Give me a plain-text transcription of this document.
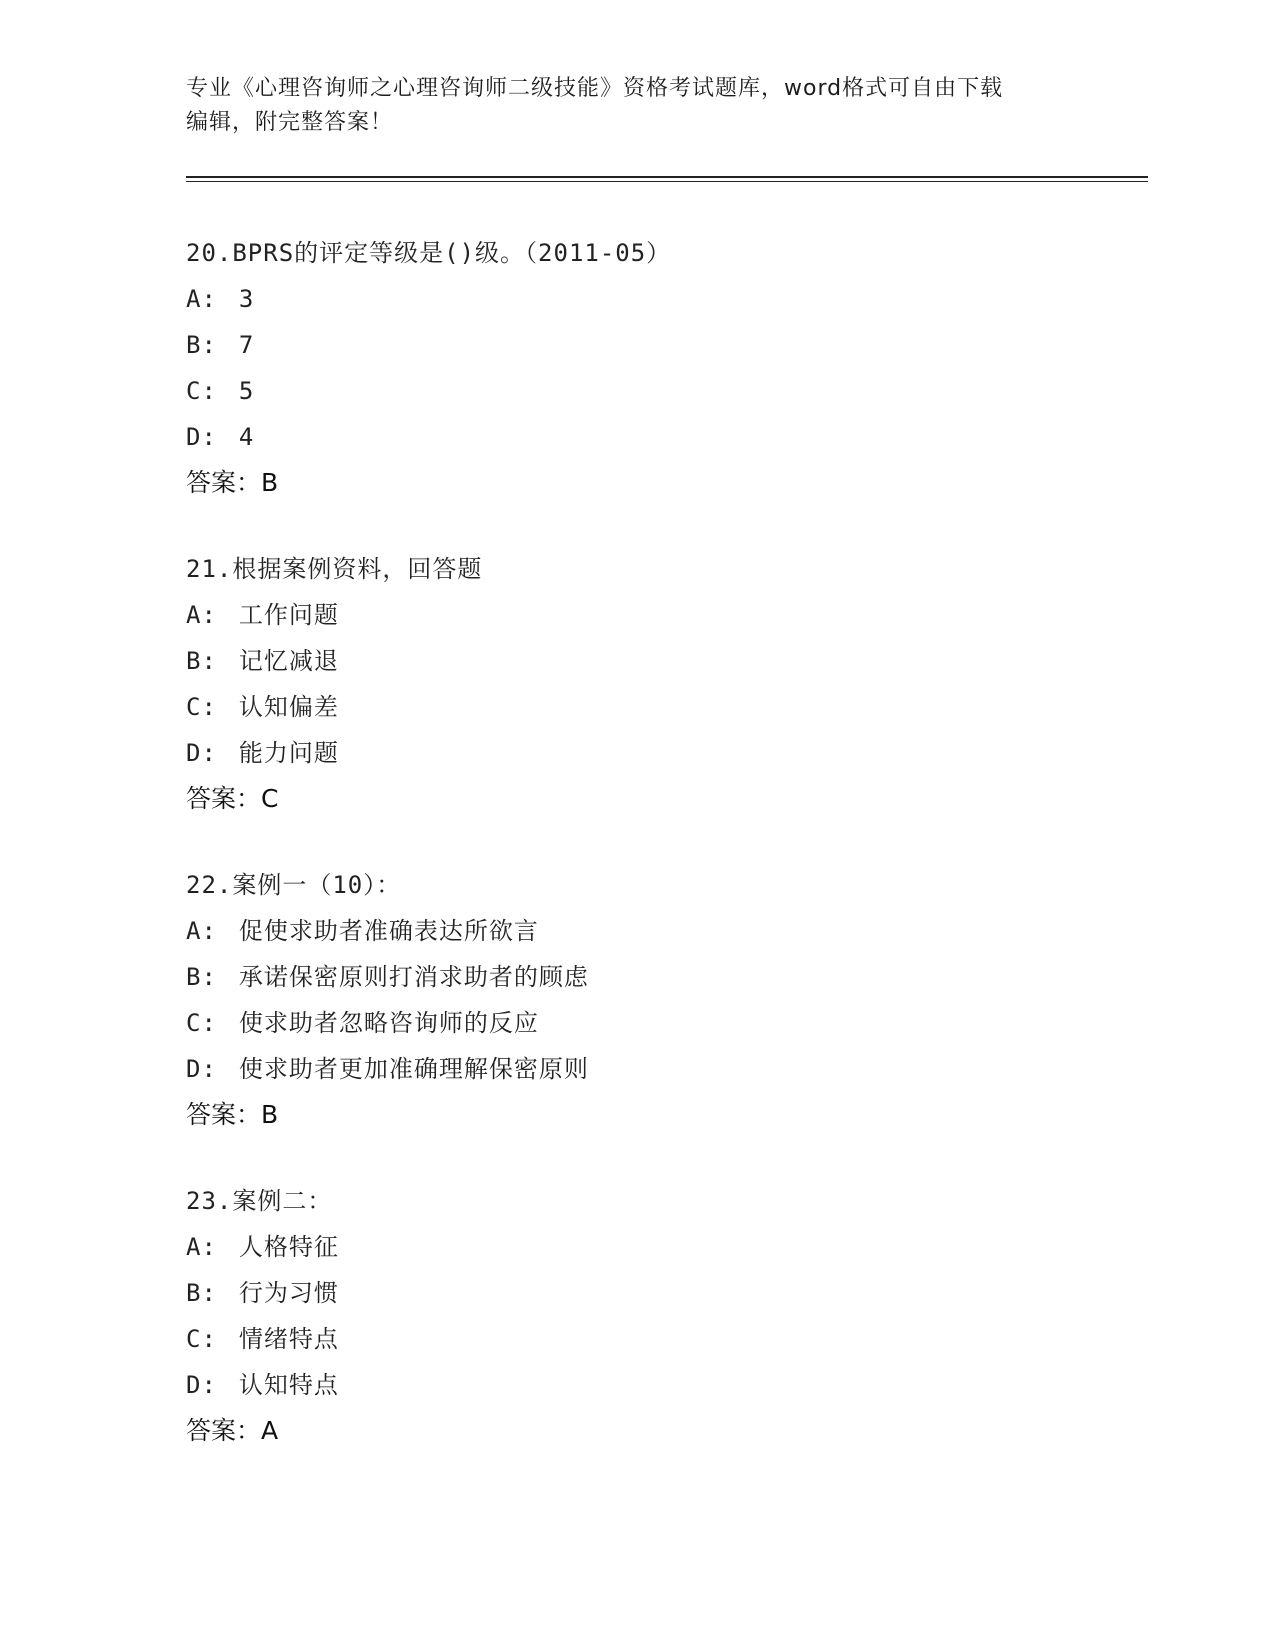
专业《心理咨询师之心理咨询师二级技能》资格考试题库，word格式可自由下载
编辑，附完整答案！
20.BPRS的评定等级是()级。（2011-05）
A: 3
B: 7
C: 5
D: 4
答案：B
21.根据案例资料，回答题
A: 工作问题
B: 记忆减退
C: 认知偏差
D: 能力问题
答案：C
22.案例一（10）：
A: 促使求助者准确表达所欲言
B: 承诺保密原则打消求助者的顾虑
C: 使求助者忽略咨询师的反应
D: 使求助者更加准确理解保密原则
答案：B
23.案例二：
A: 人格特征
B: 行为习惯
C: 情绪特点
D: 认知特点
答案：A
